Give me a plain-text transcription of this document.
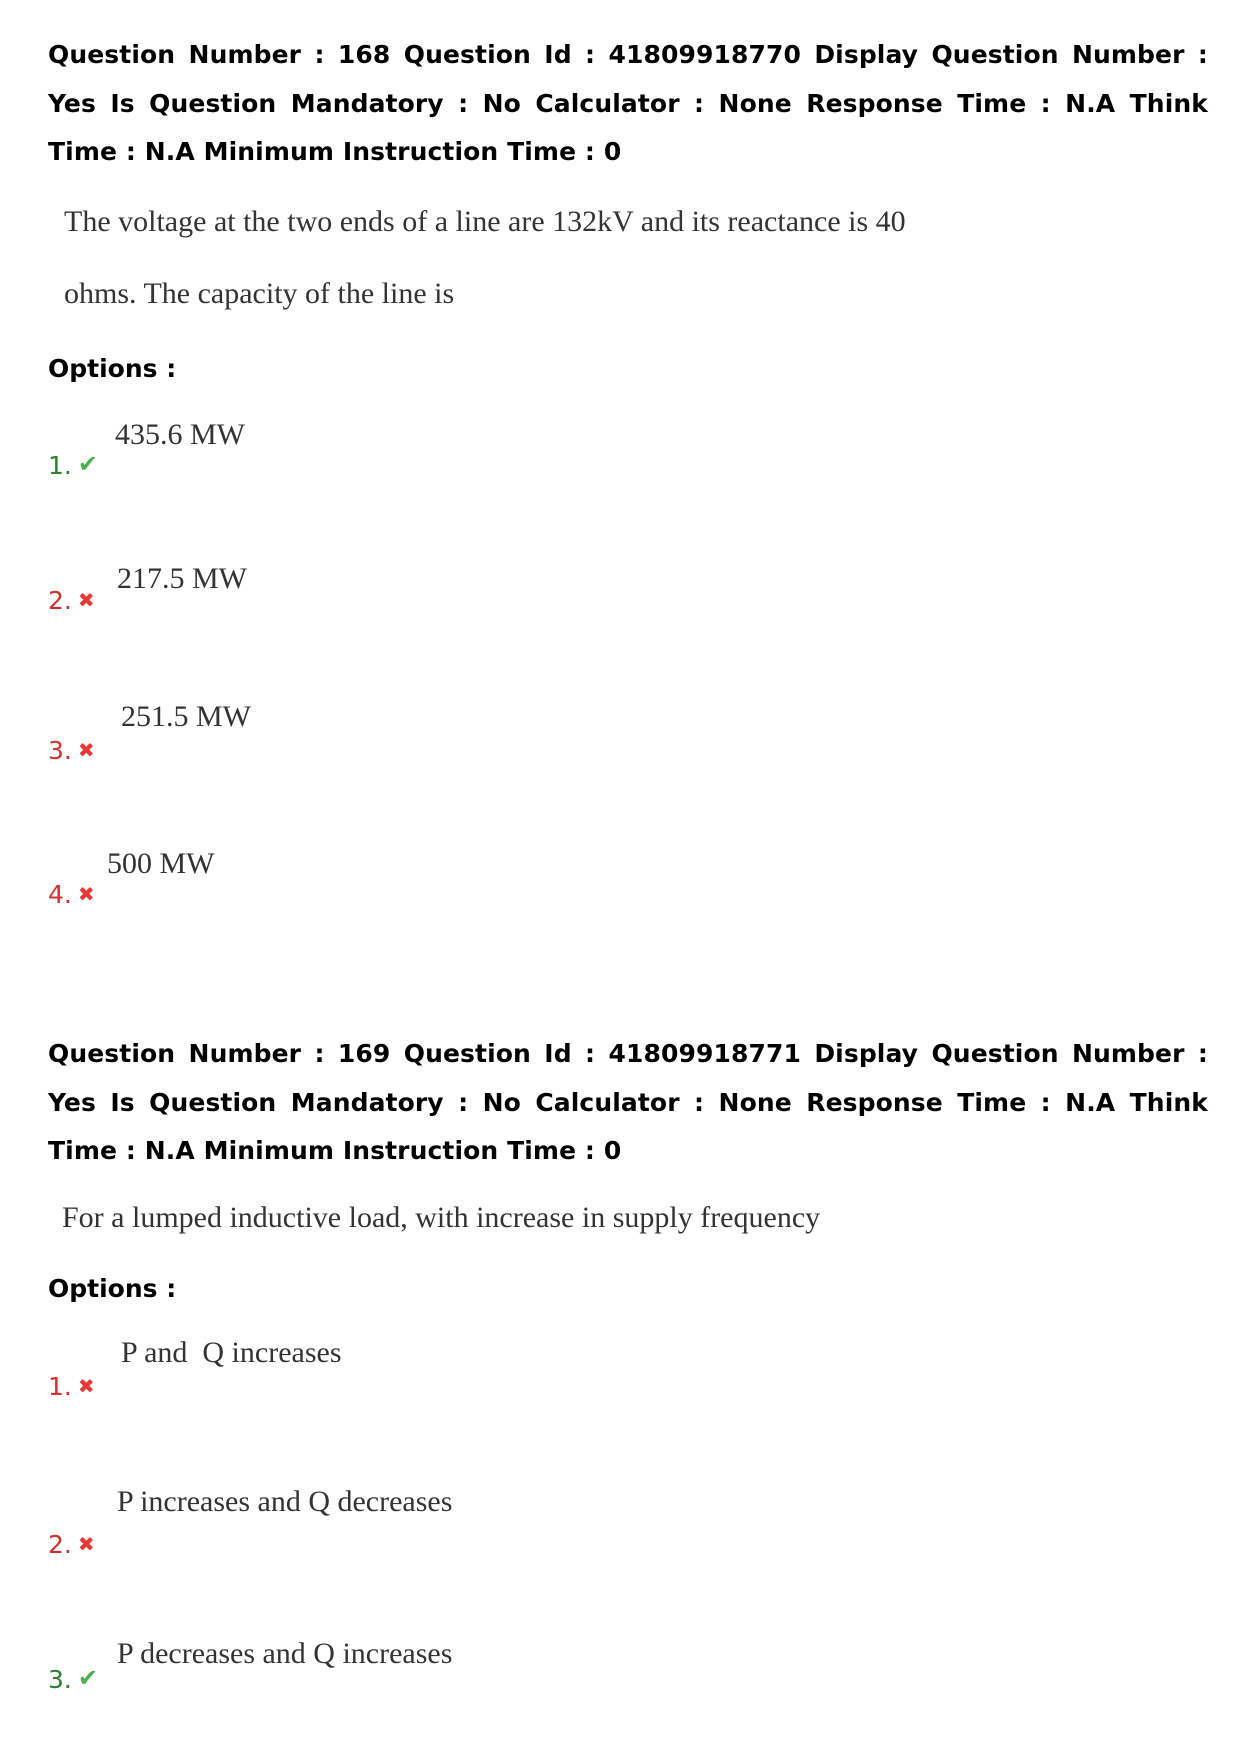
Question Number : 168 Question Id : 41809918770 Display Question Number : Yes Is Question Mandatory : No Calculator : None Response Time : N.A Think Time : N.A Minimum Instruction Time : 0
The voltage at the two ends of a line are 132kV and its reactance is 40
ohms. The capacity of the line is
Options :
1. ✔
435.6 MW
2. ✖
217.5 MW
3. ✖
251.5 MW
4. ✖
500 MW
Question Number : 169 Question Id : 41809918771 Display Question Number : Yes Is Question Mandatory : No Calculator : None Response Time : N.A Think Time : N.A Minimum Instruction Time : 0
For a lumped inductive load, with increase in supply frequency
Options :
1. ✖
P and  Q increases
2. ✖
P increases and Q decreases
3. ✔
P decreases and Q increases
